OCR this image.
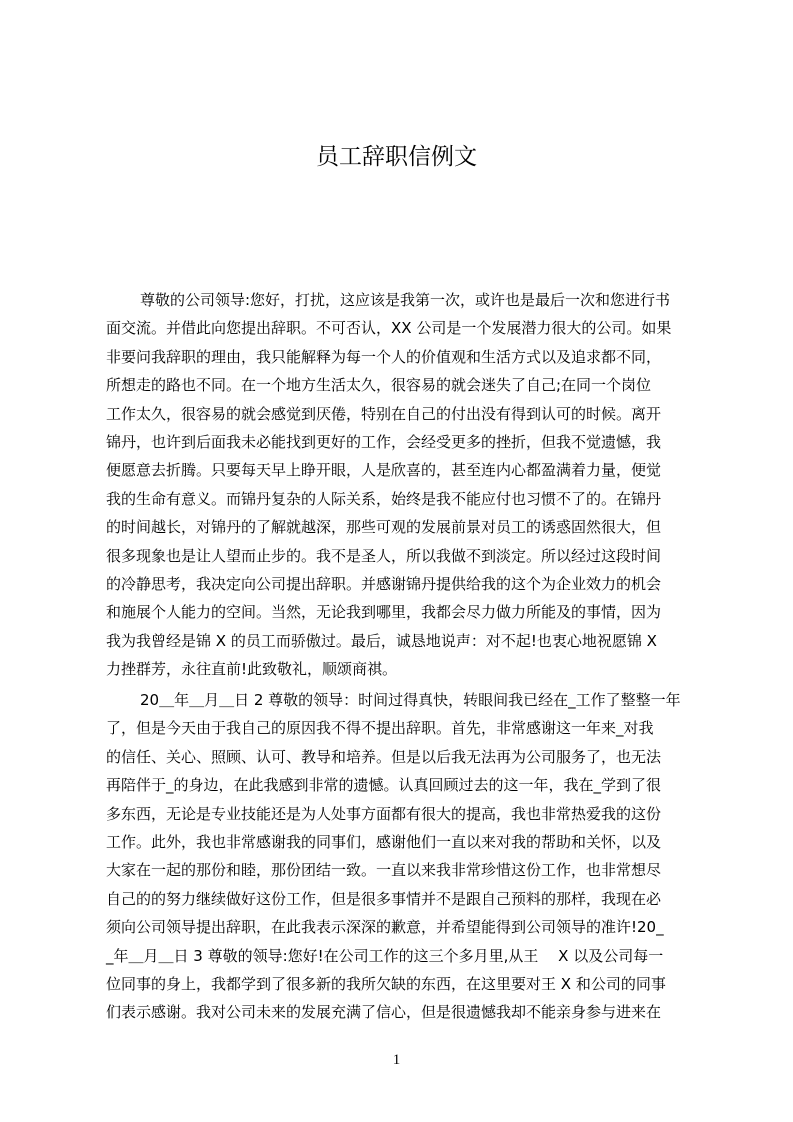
员工辞职信例文
尊敬的公司领导:您好，打扰，这应该是我第一次，或许也是最后一次和您进行书
面交流。并借此向您提出辞职。不可否认，XX 公司是一个发展潜力很大的公司。如果
非要问我辞职的理由，我只能解释为每一个人的价值观和生活方式以及追求都不同，
所想走的路也不同。在一个地方生活太久，很容易的就会迷失了自己;在同一个岗位
工作太久，很容易的就会感觉到厌倦，特别在自己的付出没有得到认可的时候。离开
锦丹，也许到后面我未必能找到更好的工作，会经受更多的挫折，但我不觉遗憾，我
便愿意去折腾。只要每天早上睁开眼，人是欣喜的，甚至连内心都盈满着力量，便觉
我的生命有意义。而锦丹复杂的人际关系，始终是我不能应付也习惯不了的。在锦丹
的时间越长，对锦丹的了解就越深，那些可观的发展前景对员工的诱惑固然很大，但
很多现象也是让人望而止步的。我不是圣人，所以我做不到淡定。所以经过这段时间
的冷静思考，我决定向公司提出辞职。并感谢锦丹提供给我的这个为企业效力的机会
和施展个人能力的空间。当然，无论我到哪里，我都会尽力做力所能及的事情，因为
我为我曾经是锦 X 的员工而骄傲过。最后，诚恳地说声：对不起!也衷心地祝愿锦 X
力挫群芳，永往直前!此致敬礼，顺颂商祺。
20＿年＿月＿日 2 尊敬的领导：时间过得真快，转眼间我已经在_工作了整整一年
了，但是今天由于我自己的原因我不得不提出辞职。首先，非常感谢这一年来_对我
的信任、关心、照顾、认可、教导和培养。但是以后我无法再为公司服务了，也无法
再陪伴于_的身边，在此我感到非常的遗憾。认真回顾过去的这一年，我在_学到了很
多东西，无论是专业技能还是为人处事方面都有很大的提高，我也非常热爱我的这份
工作。此外，我也非常感谢我的同事们，感谢他们一直以来对我的帮助和关怀，以及
大家在一起的那份和睦，那份团结一致。一直以来我非常珍惜这份工作，也非常想尽
自己的的努力继续做好这份工作，但是很多事情并不是跟自己预料的那样，我现在必
须向公司领导提出辞职，在此我表示深深的歉意，并希望能得到公司领导的准许!20_
_年＿月＿日 3 尊敬的领导:您好!在公司工作的这三个多月里,从王　 X 以及公司每一
位同事的身上，我都学到了很多新的我所欠缺的东西，在这里要对王 X 和公司的同事
们表示感谢。我对公司未来的发展充满了信心，但是很遗憾我却不能亲身参与进来在
1
